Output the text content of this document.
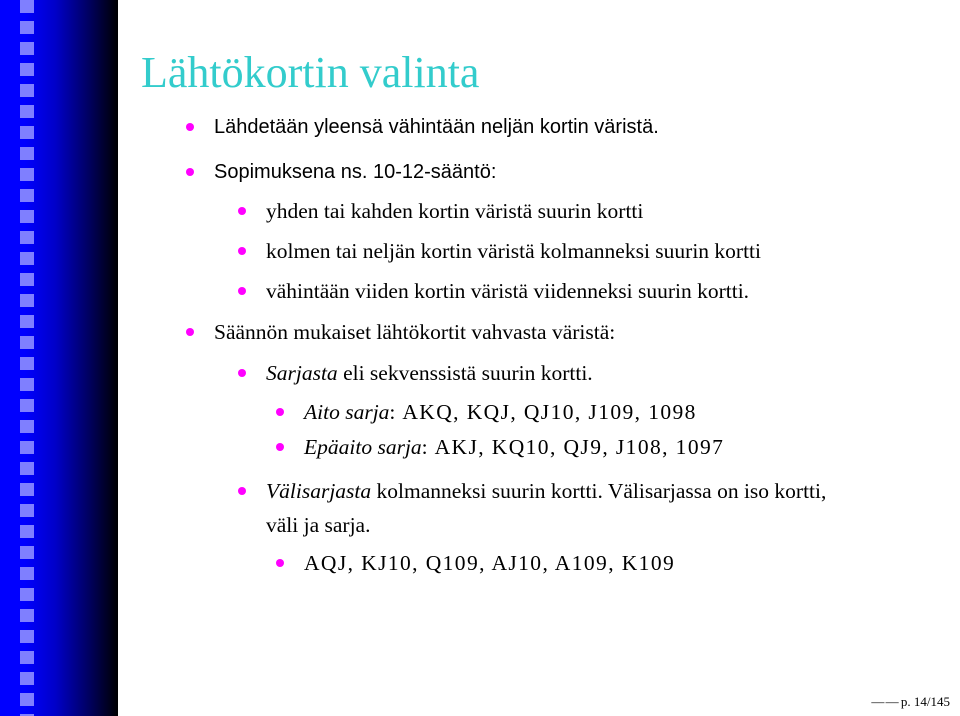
Lähtökortin valinta
Lähdetään yleensä vähintään neljän kortin väristä.
Sopimuksena ns. 10-12-sääntö:
yhden tai kahden kortin väristä suurin kortti
kolmen tai neljän kortin väristä kolmanneksi suurin kortti
vähintään viiden kortin väristä viidenneksi suurin kortti.
Säännön mukaiset lähtökortit vahvasta väristä:
Sarjasta eli sekvenssistä suurin kortti.
Aito sarja: AKQ, KQJ, QJ10, J109, 1098
Epäaito sarja: AKJ, KQ10, QJ9, J108, 1097
Välisarjasta kolmanneksi suurin kortti. Välisarjassa on iso kortti,
väli ja sarja.
AQJ, KJ10, Q109, AJ10, A109, K109
— — p. 14/145
